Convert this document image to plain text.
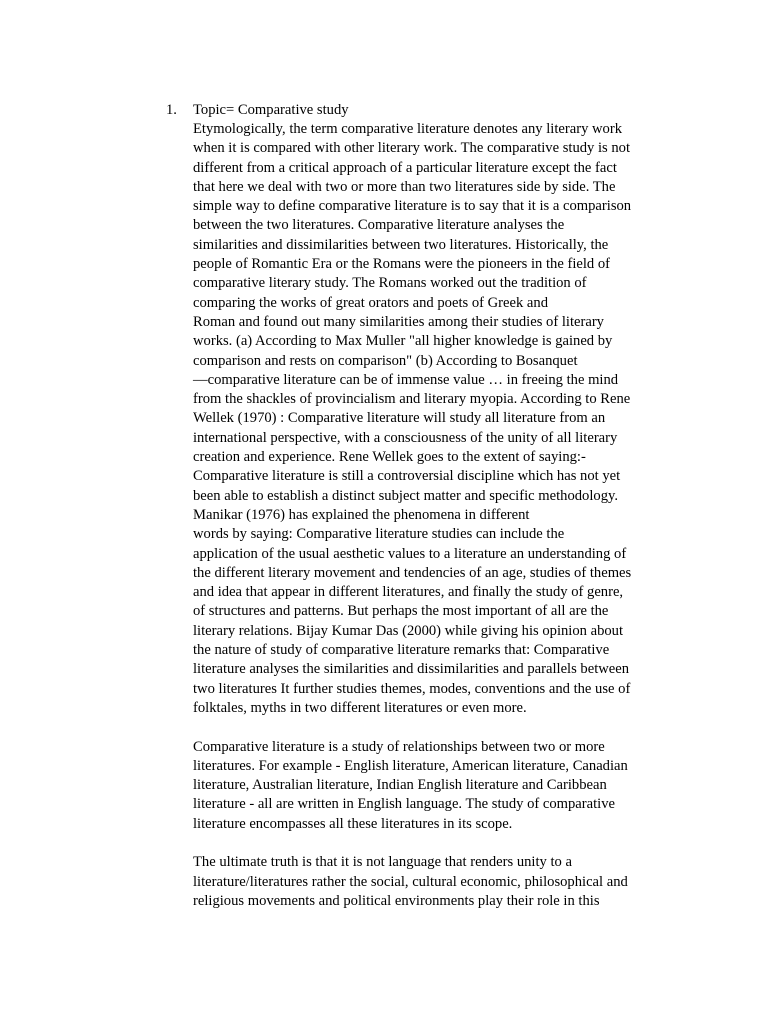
1. Topic= Comparative study
Etymologically, the term comparative literature denotes any literary work
when it is compared with other literary work. The comparative study is not
different from a critical approach of a particular literature except the fact
that here we deal with two or more than two literatures side by side. The
simple way to define comparative literature is to say that it is a comparison
between the two literatures. Comparative literature analyses the
similarities and dissimilarities between two literatures. Historically, the
people of Romantic Era or the Romans were the pioneers in the field of
comparative literary study. The Romans worked out the tradition of
comparing the works of great orators and poets of Greek and
Roman and found out many similarities among their studies of literary
works. (a) According to Max Muller "all higher knowledge is gained by
comparison and rests on comparison" (b) According to Bosanquet
—comparative literature can be of immense value … in freeing the mind
from the shackles of provincialism and literary myopia. According to Rene
Wellek (1970) : Comparative literature will study all literature from an
international perspective, with a consciousness of the unity of all literary
creation and experience. Rene Wellek goes to the extent of saying:-
Comparative literature is still a controversial discipline which has not yet
been able to establish a distinct subject matter and specific methodology.
Manikar (1976) has explained the phenomena in different
words by saying: Comparative literature studies can include the
application of the usual aesthetic values to a literature an understanding of
the different literary movement and tendencies of an age, studies of themes
and idea that appear in different literatures, and finally the study of genre,
of structures and patterns. But perhaps the most important of all are the
literary relations. Bijay Kumar Das (2000) while giving his opinion about
the nature of study of comparative literature remarks that: Comparative
literature analyses the similarities and dissimilarities and parallels between
two literatures It further studies themes, modes, conventions and the use of
folktales, myths in two different literatures or even more.
Comparative literature is a study of relationships between two or more
literatures. For example - English literature, American literature, Canadian
literature, Australian literature, Indian English literature and Caribbean
literature - all are written in English language. The study of comparative
literature encompasses all these literatures in its scope.
The ultimate truth is that it is not language that renders unity to a
literature/literatures rather the social, cultural economic, philosophical and
religious movements and political environments play their role in this
